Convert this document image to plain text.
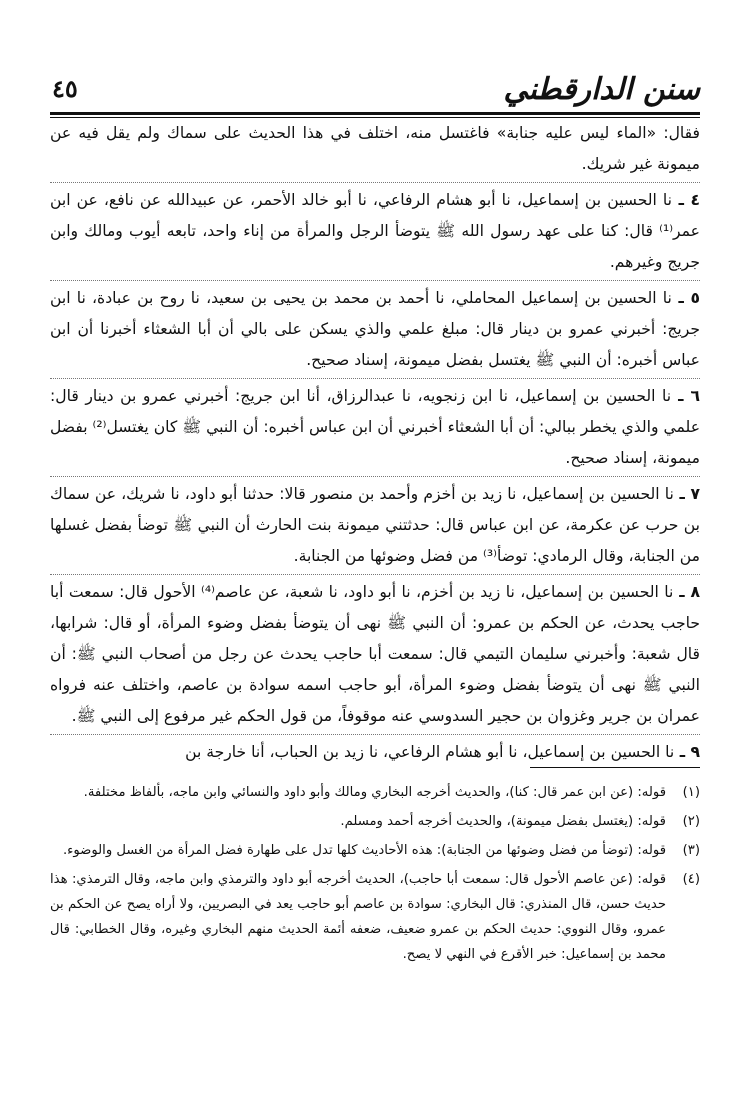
سنن الدارقطني
٤٥

فقال: «الماء ليس عليه جنابة» فاغتسل منه، اختلف في هذا الحديث على سماك ولم يقل فيه عن ميمونة غير شريك.

٤ ـ نا الحسين بن إسماعيل، نا أبو هشام الرفاعي، نا أبو خالد الأحمر، عن عبيدالله عن نافع، عن ابن عمر⁽¹⁾ قال: كنا على عهد رسول الله ﷺ يتوضأ الرجل والمرأة من إناء واحد، تابعه أيوب ومالك وابن جريج وغيرهم.

٥ ـ نا الحسين بن إسماعيل المحاملي، نا أحمد بن محمد بن يحيى بن سعيد، نا روح بن عبادة، نا ابن جريج: أخبرني عمرو بن دينار قال: مبلغ علمي والذي يسكن على بالي أن أبا الشعثاء أخبرنا أن ابن عباس أخبره: أن النبي ﷺ يغتسل بفضل ميمونة، إسناد صحيح.

٦ ـ نا الحسين بن إسماعيل، نا ابن زنجويه، نا عبدالرزاق، أنا ابن جريج: أخبرني عمرو بن دينار قال: علمي والذي يخطر ببالي: أن أبا الشعثاء أخبرني أن ابن عباس أخبره: أن النبي ﷺ كان يغتسل⁽²⁾ بفضل ميمونة، إسناد صحيح.

٧ ـ نا الحسين بن إسماعيل، نا زيد بن أخزم وأحمد بن منصور قالا: حدثنا أبو داود، نا شريك، عن سماك بن حرب عن عكرمة، عن ابن عباس قال: حدثتني ميمونة بنت الحارث أن النبي ﷺ توضأ بفضل غسلها من الجنابة، وقال الرمادي: توضأ⁽³⁾ من فضل وضوئها من الجنابة.

٨ ـ نا الحسين بن إسماعيل، نا زيد بن أخزم، نا أبو داود، نا شعبة، عن عاصم⁽⁴⁾ الأحول قال: سمعت أبا حاجب يحدث، عن الحكم بن عمرو: أن النبي ﷺ نهى أن يتوضأ بفضل وضوء المرأة، أو قال: شرابها، قال شعبة: وأخبرني سليمان التيمي قال: سمعت أبا حاجب يحدث عن رجل من أصحاب النبي ﷺ: أن النبي ﷺ نهى أن يتوضأ بفضل وضوء المرأة، أبو حاجب اسمه سوادة بن عاصم، واختلف عنه فرواه عمران بن جرير وغزوان بن حجير السدوسي عنه موقوفاً، من قول الحكم غير مرفوع إلى النبي ﷺ.

٩ ـ نا الحسين بن إسماعيل، نا أبو هشام الرفاعي، نا زيد بن الحباب، أنا خارجة بن

(١)
قوله: (عن ابن عمر قال: كنا)، والحديث أخرجه البخاري ومالك وأبو داود والنسائي وابن ماجه، بألفاظ مختلفة.
(٢)
قوله: (يغتسل بفضل ميمونة)، والحديث أخرجه أحمد ومسلم.
(٣)
قوله: (توضأ من فضل وضوئها من الجنابة): هذه الأحاديث كلها تدل على طهارة فضل المرأة من الغسل والوضوء.
(٤)
قوله: (عن عاصم الأحول قال: سمعت أبا حاجب)، الحديث أخرجه أبو داود والترمذي وابن ماجه، وقال الترمذي: هذا حديث حسن، قال المنذري: قال البخاري: سوادة بن عاصم أبو حاجب يعد في البصريين، ولا أراه يصح عن الحكم بن عمرو، وقال النووي: حديث الحكم بن عمرو ضعيف، ضعفه أئمة الحديث منهم البخاري وغيره، وقال الخطابي: قال محمد بن إسماعيل: خبر الأقرع في النهي لا يصح.
